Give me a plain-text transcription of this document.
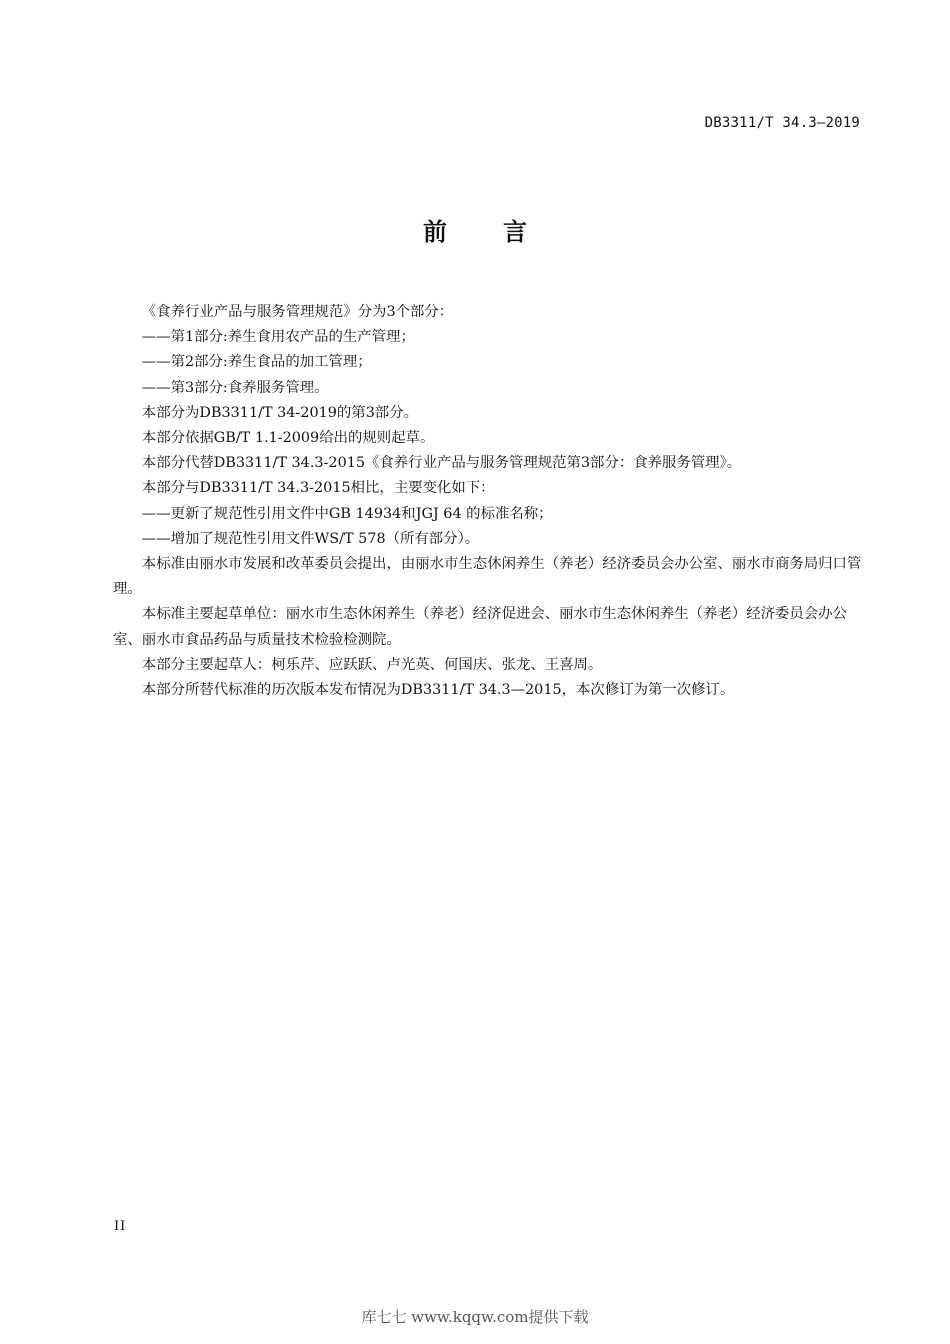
DB3311/T 34.3—2019
前言

《食养行业产品与服务管理规范》分为3个部分：

——第1部分:养生食用农产品的生产管理；

——第2部分:养生食品的加工管理；

——第3部分:食养服务管理。

本部分为DB3311/T 34-2019的第3部分。

本部分依据GB/T 1.1-2009给出的规则起草。

本部分代替DB3311/T 34.3-2015《食养行业产品与服务管理规范第3部分：食养服务管理》。

本部分与DB3311/T 34.3-2015相比，主要变化如下：

——更新了规范性引用文件中GB 14934和JGJ 64 的标准名称；

——增加了规范性引用文件WS/T 578（所有部分）。

本标准由丽水市发展和改革委员会提出，由丽水市生态休闲养生（养老）经济委员会办公室、丽水市商务局归口管理。

本标准主要起草单位：丽水市生态休闲养生（养老）经济促进会、丽水市生态休闲养生（养老）经济委员会办公室、丽水市食品药品与质量技术检验检测院。

本部分主要起草人：柯乐芹、应跃跃、卢光英、何国庆、张龙、王喜周。

本部分所替代标准的历次版本发布情况为DB3311/T 34.3—2015，本次修订为第一次修订。

II
库七七 www.kqqw.com提供下载
